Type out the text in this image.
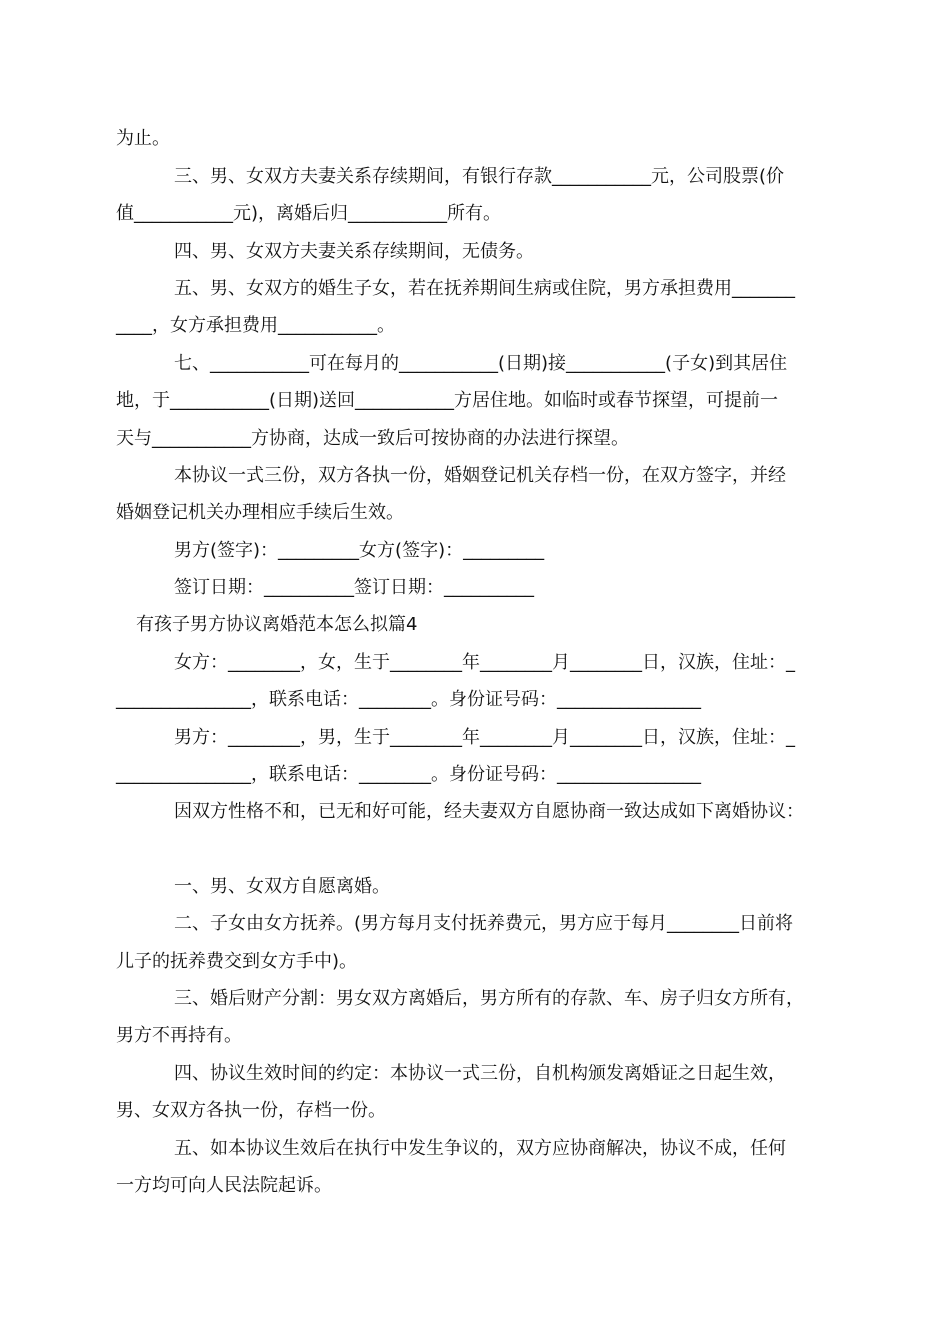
为止。
三、男、女双方夫妻关系存续期间，有银行存款___________元，公司股票(价
值___________元)，离婚后归___________所有。
四、男、女双方夫妻关系存续期间，无债务。
五、男、女双方的婚生子女，若在抚养期间生病或住院，男方承担费用_______
____，女方承担费用___________。
七、___________可在每月的___________(日期)接___________(子女)到其居住
地，于___________(日期)送回___________方居住地。如临时或春节探望，可提前一
天与___________方协商，达成一致后可按协商的办法进行探望。
本协议一式三份，双方各执一份，婚姻登记机关存档一份，在双方签字，并经
婚姻登记机关办理相应手续后生效。
男方(签字)：_________女方(签字)：_________
签订日期：__________签订日期：__________
有孩子男方协议离婚范本怎么拟篇4
女方：________，女，生于________年________月________日，汉族，住址：_
_______________，联系电话：________。身份证号码：________________
男方：________，男，生于________年________月________日，汉族，住址：_
_______________，联系电话：________。身份证号码：________________
因双方性格不和，已无和好可能，经夫妻双方自愿协商一致达成如下离婚协议：
一、男、女双方自愿离婚。
二、子女由女方抚养。(男方每月支付抚养费元，男方应于每月________日前将
儿子的抚养费交到女方手中)。
三、婚后财产分割：男女双方离婚后，男方所有的存款、车、房子归女方所有，
男方不再持有。
四、协议生效时间的约定：本协议一式三份，自机构颁发离婚证之日起生效，
男、女双方各执一份，存档一份。
五、如本协议生效后在执行中发生争议的，双方应协商解决，协议不成，任何
一方均可向人民法院起诉。
